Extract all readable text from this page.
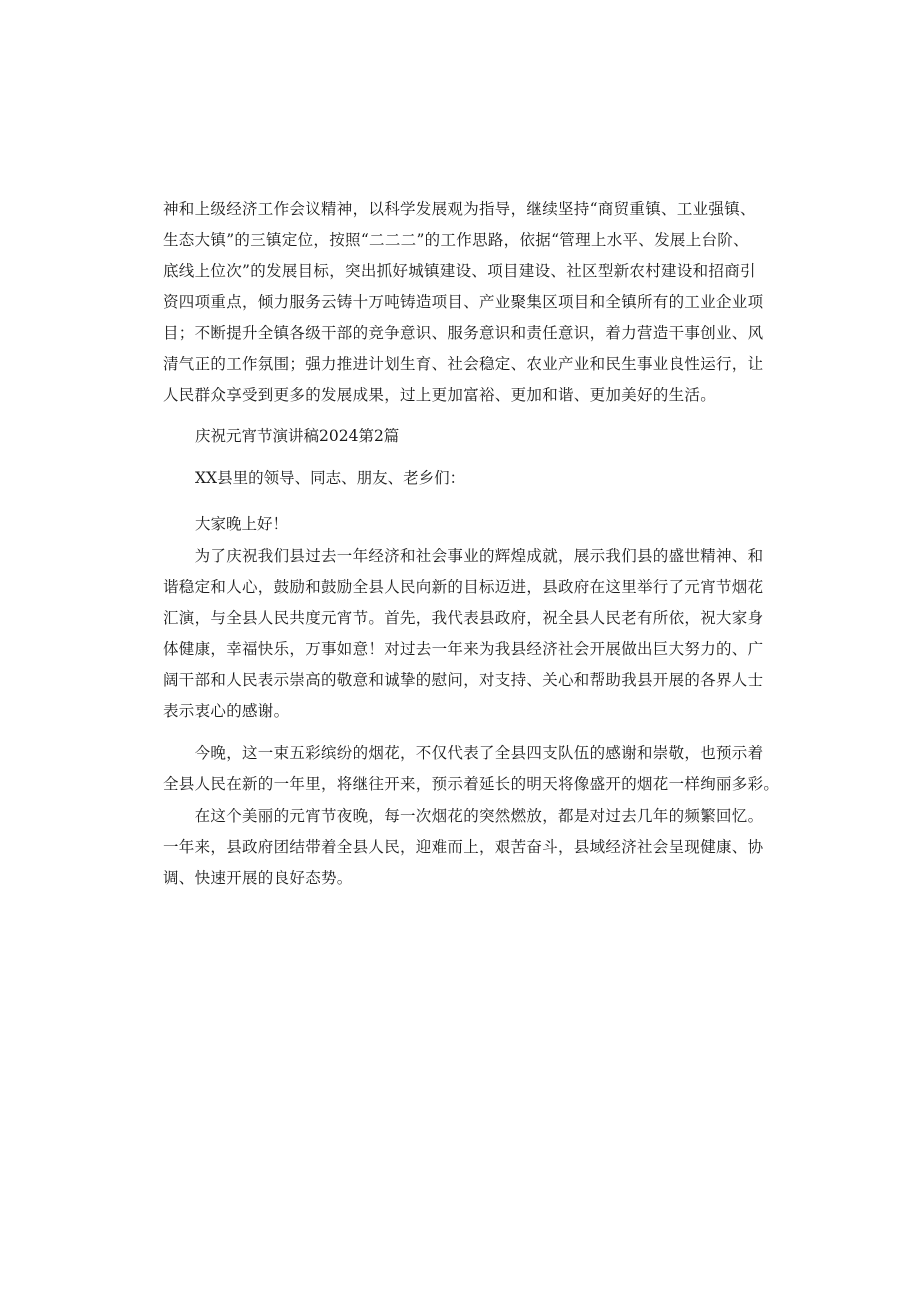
神和上级经济工作会议精神，以科学发展观为指导，继续坚持“商贸重镇、工业强镇、
生态大镇”的三镇定位，按照“二二二”的工作思路，依据“管理上水平、发展上台阶、
底线上位次”的发展目标，突出抓好城镇建设、项目建设、社区型新农村建设和招商引
资四项重点，倾力服务云铸十万吨铸造项目、产业聚集区项目和全镇所有的工业企业项
目；不断提升全镇各级干部的竞争意识、服务意识和责任意识，着力营造干事创业、风
清气正的工作氛围；强力推进计划生育、社会稳定、农业产业和民生事业良性运行，让
人民群众享受到更多的发展成果，过上更加富裕、更加和谐、更加美好的生活。
庆祝元宵节演讲稿2024第2篇
XX县里的领导、同志、朋友、老乡们：
大家晚上好！
　　为了庆祝我们县过去一年经济和社会事业的辉煌成就，展示我们县的盛世精神、和
谐稳定和人心，鼓励和鼓励全县人民向新的目标迈进，县政府在这里举行了元宵节烟花
汇演，与全县人民共度元宵节。首先，我代表县政府，祝全县人民老有所依，祝大家身
体健康，幸福快乐，万事如意！对过去一年来为我县经济社会开展做出巨大努力的、广
阔干部和人民表示崇高的敬意和诚挚的慰问，对支持、关心和帮助我县开展的各界人士
表示衷心的感谢。
　　今晚，这一束五彩缤纷的烟花，不仅代表了全县四支队伍的感谢和崇敬，也预示着
全县人民在新的一年里，将继往开来，预示着延长的明天将像盛开的烟花一样绚丽多彩。
　　在这个美丽的元宵节夜晚，每一次烟花的突然燃放，都是对过去几年的频繁回忆。
一年来，县政府团结带着全县人民，迎难而上，艰苦奋斗，县域经济社会呈现健康、协
调、快速开展的良好态势。
